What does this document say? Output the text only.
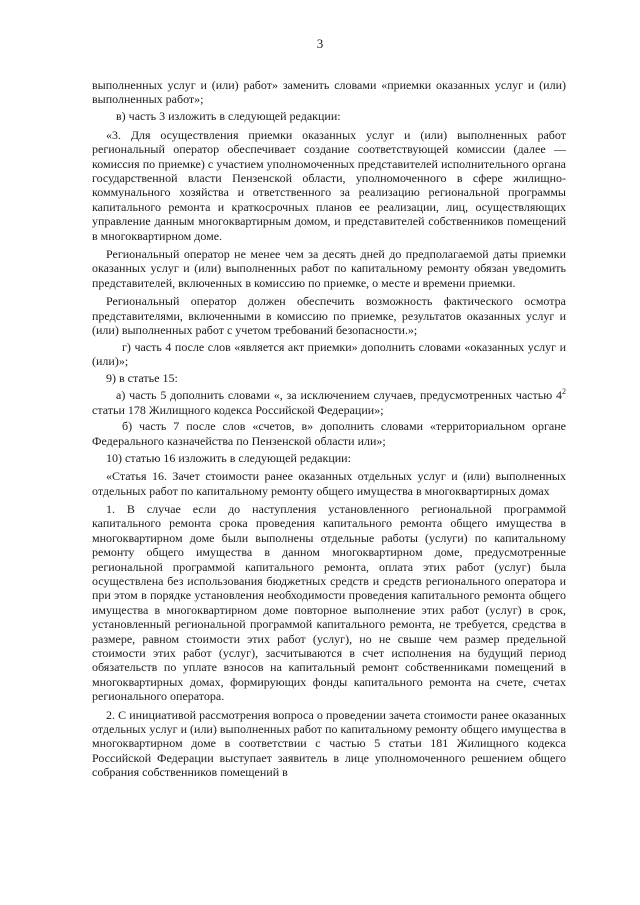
3

выполненных услуг и (или) работ» заменить словами «приемки оказанных услуг и (или) выполненных работ»;

в) часть 3 изложить в следующей редакции:

«3. Для осуществления приемки оказанных услуг и (или) выполненных работ региональный оператор обеспечивает создание соответствующей комиссии (далее — комиссия по приемке) с участием уполномоченных представителей исполнительного органа государственной власти Пензенской области, уполномоченного в сфере жилищно-коммунального хозяйства и ответственного за реализацию региональной программы капитального ремонта и краткосрочных планов ее реализации, лиц, осуществляющих управление данным многоквартирным домом, и представителей собственников помещений в многоквартирном доме.

Региональный оператор не менее чем за десять дней до предполагаемой даты приемки оказанных услуг и (или) выполненных работ по капитальному ремонту обязан уведомить представителей, включенных в комиссию по приемке, о месте и времени приемки.

Региональный оператор должен обеспечить возможность фактического осмотра представителями, включенными в комиссию по приемке, результатов оказанных услуг и (или) выполненных работ с учетом требований безопасности.»;

г) часть 4 после слов «является акт приемки» дополнить словами «оказанных услуг и (или)»;

9) в статье 15:

а) часть 5 дополнить словами «, за исключением случаев, предусмотренных частью $4^2$ статьи 178 Жилищного кодекса Российской Федерации»;

б) часть 7 после слов «счетов, в» дополнить словами «территориальном органе Федерального казначейства по Пензенской области или»;

10) статью 16 изложить в следующей редакции:

«Статья 16. Зачет стоимости ранее оказанных отдельных услуг и (или) выполненных отдельных работ по капитальному ремонту общего имущества в многоквартирных домах

1. В случае если до наступления установленного региональной программой капитального ремонта срока проведения капитального ремонта общего имущества в многоквартирном доме были выполнены отдельные работы (услуги) по капитальному ремонту общего имущества в данном многоквартирном доме, предусмотренные региональной программой капитального ремонта, оплата этих работ (услуг) была осуществлена без использования бюджетных средств и средств регионального оператора и при этом в порядке установления необходимости проведения капитального ремонта общего имущества в многоквартирном доме повторное выполнение этих работ (услуг) в срок, установленный региональной программой капитального ремонта, не требуется, средства в размере, равном стоимости этих работ (услуг), но не свыше чем размер предельной стоимости этих работ (услуг), засчитываются в счет исполнения на будущий период обязательств по уплате взносов на капитальный ремонт собственниками помещений в многоквартирных домах, формирующих фонды капитального ремонта на счете, счетах регионального оператора.

2. С инициативой рассмотрения вопроса о проведении зачета стоимости ранее оказанных отдельных услуг и (или) выполненных работ по капитальному ремонту общего имущества в многоквартирном доме в соответствии с частью 5 статьи 181 Жилищного кодекса Российской Федерации выступает заявитель в лице уполномоченного решением общего собрания собственников помещений в
